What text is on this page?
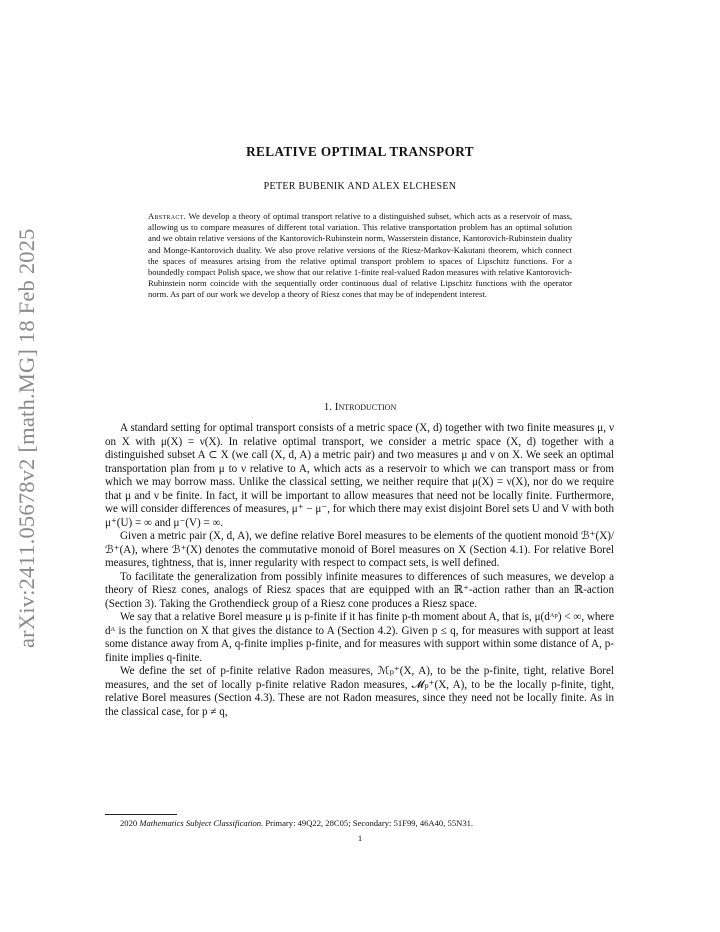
arXiv:2411.05678v2 [math.MG] 18 Feb 2025
RELATIVE OPTIMAL TRANSPORT
PETER BUBENIK AND ALEX ELCHESEN
Abstract. We develop a theory of optimal transport relative to a distinguished subset, which acts as a reservoir of mass, allowing us to compare measures of different total variation. This relative transportation problem has an optimal solution and we obtain relative versions of the Kantorovich-Rubinstein norm, Wasserstein distance, Kantorovich-Rubinstein duality and Monge-Kantorovich duality. We also prove relative versions of the Riesz-Markov-Kakutani theorem, which connect the spaces of measures arising from the relative optimal transport problem to spaces of Lipschitz functions. For a boundedly compact Polish space, we show that our relative 1-finite real-valued Radon measures with relative Kantorovich-Rubinstein norm coincide with the sequentially order continuous dual of relative Lipschitz functions with the operator norm. As part of our work we develop a theory of Riesz cones that may be of independent interest.
1. Introduction

A standard setting for optimal transport consists of a metric space (X, d) together with two finite measures μ, ν on X with μ(X) = ν(X). In relative optimal transport, we consider a metric space (X, d) together with a distinguished subset A ⊂ X (we call (X, d, A) a metric pair) and two measures μ and ν on X. We seek an optimal transportation plan from μ to ν relative to A, which acts as a reservoir to which we can transport mass or from which we may borrow mass. Unlike the classical setting, we neither require that μ(X) = ν(X), nor do we require that μ and ν be finite. In fact, it will be important to allow measures that need not be locally finite. Furthermore, we will consider differences of measures, μ⁺ − μ⁻, for which there may exist disjoint Borel sets U and V with both μ⁺(U) = ∞ and μ⁻(V) = ∞.

Given a metric pair (X, d, A), we define relative Borel measures to be elements of the quotient monoid ℬ⁺(X)/ℬ⁺(A), where ℬ⁺(X) denotes the commutative monoid of Borel measures on X (Section 4.1). For relative Borel measures, tightness, that is, inner regularity with respect to compact sets, is well defined.

To facilitate the generalization from possibly infinite measures to differences of such measures, we develop a theory of Riesz cones, analogs of Riesz spaces that are equipped with an ℝ⁺-action rather than an ℝ-action (Section 3). Taking the Grothendieck group of a Riesz cone produces a Riesz space.

We say that a relative Borel measure μ is p-finite if it has finite p-th moment about A, that is, μ(dᴬᵖ) < ∞, where dᴬ is the function on X that gives the distance to A (Section 4.2). Given p ≤ q, for measures with support at least some distance away from A, q-finite implies p-finite, and for measures with support within some distance of A, p-finite implies q-finite.

We define the set of p-finite relative Radon measures, ℳₚ⁺(X, A), to be the p-finite, tight, relative Borel measures, and the set of locally p-finite relative Radon measures, 𝓜ₚ⁺(X, A), to be the locally p-finite, tight, relative Borel measures (Section 4.3). These are not Radon measures, since they need not be locally finite. As in the classical case, for p ≠ q,

2020 Mathematics Subject Classification. Primary: 49Q22, 28C05; Secondary: 51F99, 46A40, 55N31.
1
